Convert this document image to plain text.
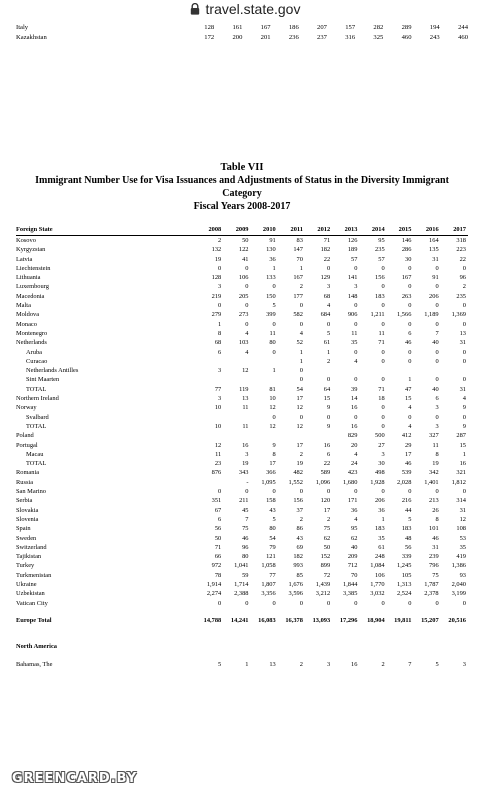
travel.state.gov
Italy	128	161	167	186	207	157	282	289	194	244
Kazakhstan	172	200	201	236	237	316	325	460	243	460
Table VII
Immigrant Number Use for Visa Issuances and Adjustments of Status in the Diversity Immigrant Category
Fiscal Years 2008-2017
Foreign State	2008	2009	2010	2011	2012	2013	2014	2015	2016	2017
Kosovo	2	50	91	83	71	126	95	146	164	318
Kyrgyzstan	132	122	130	147	182	189	235	286	135	223
Latvia	19	41	36	70	22	57	57	30	31	22
Liechtenstein	0	0	1	1	0	0	0	0	0	0
Lithuania	128	106	133	167	129	141	156	167	91	96
Luxembourg	3	0	0	2	3	3	0	0	0	2
Macedonia	219	205	150	177	68	148	183	263	206	235
Malta	0	0	5	0	4	0	0	0	0	0
Moldova	279	273	399	582	684	906	1,211	1,566	1,189	1,369
Monaco	1	0	0	0	0	0	0	0	0	0
Montenegro	8	4	11	4	5	11	11	6	7	13
Netherlands	68	103	80	52	61	35	71	46	40	31
Aruba	6	4	0	1	1	0	0	0	0	0
Curacao				1	2	4	0	0	0	0
Netherlands Antilles	3	12	1	0						
Sint Maarten				0	0	0	0	1	0	0
TOTAL	77	119	81	54	64	39	71	47	40	31
Northern Ireland	3	13	10	17	15	14	18	15	6	4
Norway	10	11	12	12	9	16	0	4	3	9
Svalbard			0	0	0	0	0	0	0	0
TOTAL	10	11	12	12	9	16	0	4	3	9
Poland						829	500	412	327	287
Portugal	12	16	9	17	16	20	27	29	11	15
Macau	11	3	8	2	6	4	3	17	8	1
TOTAL	23	19	17	19	22	24	30	46	19	16
Romania	876	343	366	482	589	423	498	539	342	321
Russia		-	1,095	1,552	1,096	1,680	1,928	2,028	1,401	1,812
San Marino	0	0	0	0	0	0	0	0	0	0
Serbia	351	211	158	156	120	171	206	216	213	314
Slovakia	67	45	43	37	17	36	36	44	26	31
Slovenia	6	7	5	2	2	4	1	5	8	12
Spain	56	75	80	86	75	95	183	183	101	108
Sweden	50	46	54	43	62	62	35	48	46	53
Switzerland	71	96	79	69	50	40	61	56	31	35
Tajikistan	66	80	121	182	152	209	248	339	239	419
Turkey	972	1,041	1,058	993	899	712	1,084	1,245	796	1,386
Turkmenistan	78	59	77	85	72	70	106	105	75	93
Ukraine	1,914	1,714	1,807	1,676	1,439	1,844	1,770	1,313	1,787	2,040
Uzbekistan	2,274	2,388	3,356	3,596	3,212	3,385	3,032	2,524	2,378	3,199
Vatican City	0	0	0	0	0	0	0	0	0	0
Europe Total	14,788	14,241	16,083	16,378	13,093	17,296	18,904	19,811	15,207	20,516
North America										
Bahamas, The	5	1	13	2	3	16	2	7	5	3
GREENCARD.BY
